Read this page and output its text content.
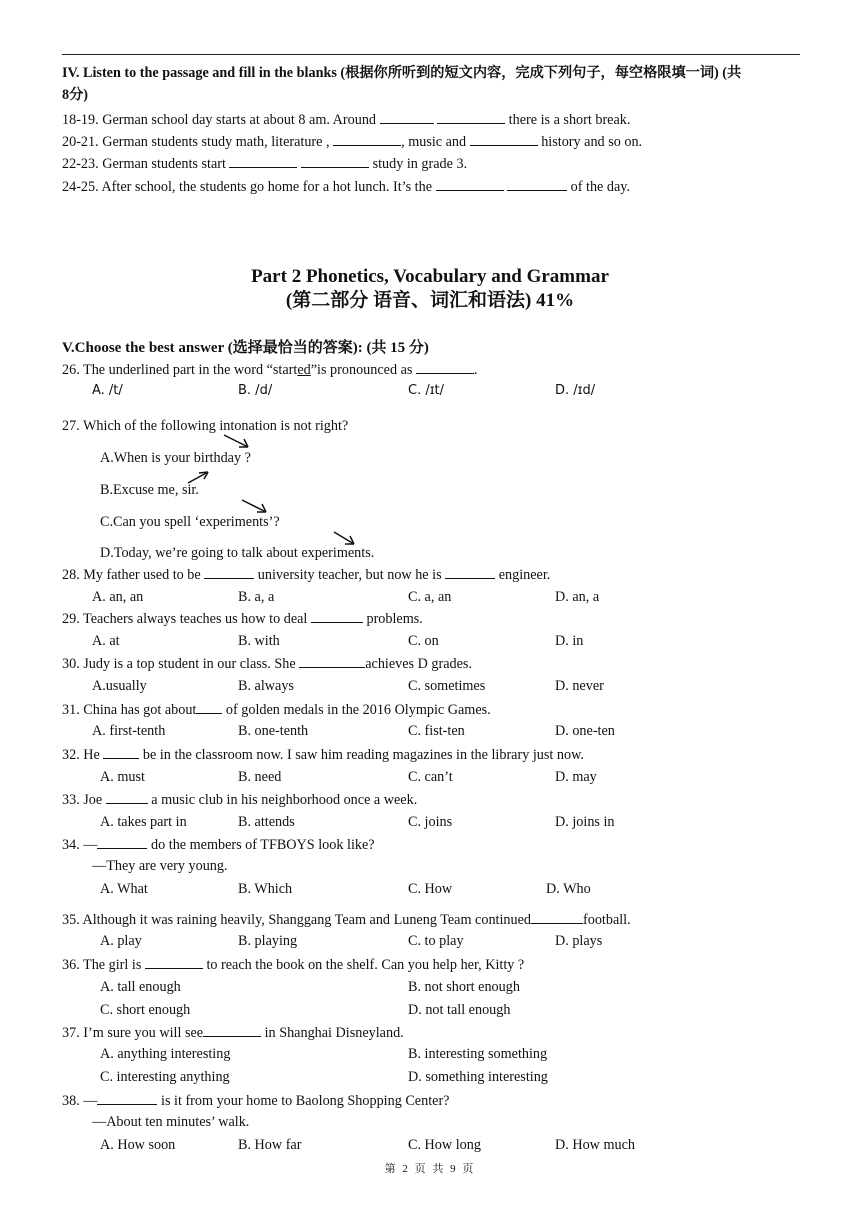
IV. Listen to the passage and fill in the blanks (根据你所听到的短文内容，完成下列句子，每空格限填一词) (共
8分)
18-19. German school day starts at about 8 am. Around	there is a short break.
20-21. German students study math, literature ,	, music and	history and so on.
22-23. German students start	study in grade 3.
24-25. After school, the students go home for a hot lunch. It’s the	of the day.
Part 2 Phonetics, Vocabulary and Grammar
(第二部分 语音、词汇和语法) 41%
V.Choose the best answer (选择最恰当的答案): (共 15 分)
26. The underlined part in the word “started”is pronounced as	.
A. /t/	B. /d/	C. /ɪt/	D. /ɪd/
27. Which of the following intonation is not right?
A.When is your birthday ?
B.Excuse me, sir.
C.Can you spell ‘experiments’?
D.Today, we’re going to talk about experiments.
28. My father used to be	university teacher, but now he is	engineer.
A. an, an	B. a, a	C. a, an	D. an, a
29. Teachers always teaches us how to deal	problems.
A. at	B. with	C. on	D. in
30. Judy is a top student in our class. She	achieves D grades.
A.usually	B. always	C. sometimes	D. never
31. China has got about of golden medals in the 2016 Olympic Games.
A. first-tenth	B. one-tenth	C. fist-ten	D. one-ten
32. He	be in the classroom now. I saw him reading magazines in the library just now.
A. must	B. need	C. can’t	D. may
33. Joe	a music club in his neighborhood once a week.
A. takes part in	B. attends	C. joins	D. joins in
34. —	do the members of TFBOYS look like?
—They are very young.
A. What	B. Which	C. How	D. Who
35. Although it was raining heavily, Shanggang Team and Luneng Team continued	football.
A. play	B. playing	C. to play	D. plays
36. The girl is	to reach the book on the shelf. Can you help her, Kitty ?
A. tall enough	B. not short enough
C. short enough	D. not tall enough
37. I’m sure you will see	in Shanghai Disneyland.
A. anything interesting	B. interesting something
C. interesting anything	D. something interesting
38. —	is it from your home to Baolong Shopping Center?
—About ten minutes’ walk.
A. How soon	B. How far	C. How long	D. How much
第 2 页 共 9 页
